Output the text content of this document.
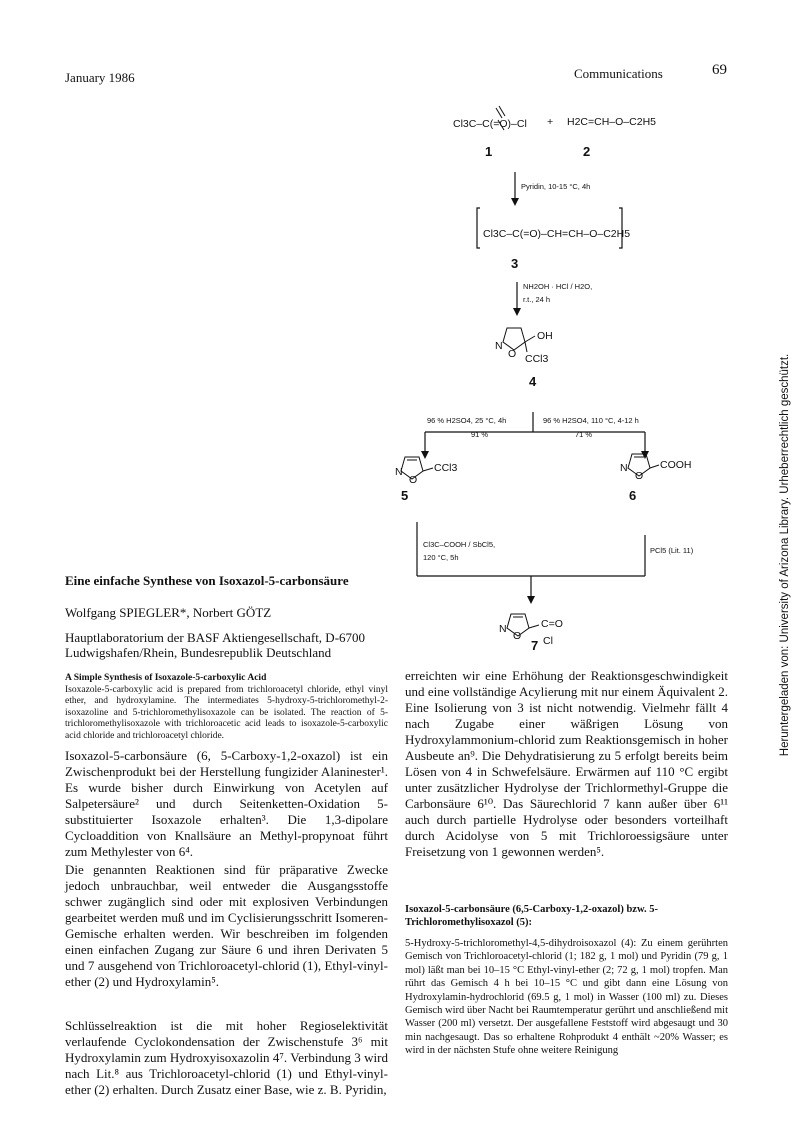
January 1986	Communications	69
Heruntergeladen von: University of Arizona Library. Urheberrechtlich geschützt.
Cl3C–C(=O)–Cl + H2C=CH–O–C2H5
1	2
Pyridin, 10-15 °C, 4h
Cl3C–C(=O)–CH=CH–O–C2H5
3
NH2OH · HCl / H2O,
r.t., 24 h
N
O
OH
CCl3
4
96 % H2SO4, 25 °C, 4h
91 %
96 % H2SO4, 110 °C, 4-12 h
71 %
N
O
CCl3
5
N
O
COOH
6
Cl3C–COOH / SbCl5,
120 °C, 5h
PCl5 (Lit. 11)
N
O
C=O
Cl
7
Eine einfache Synthese von Isoxazol-5-carbonsäure
Wolfgang SPIEGLER*, Norbert GÖTZ
Hauptlaboratorium der BASF Aktiengesellschaft, D-6700
Ludwigshafen/Rhein, Bundesrepublik Deutschland
A Simple Synthesis of Isoxazole-5-carboxylic Acid
Isoxazole-5-carboxylic acid is prepared from trichloroacetyl chloride, ethyl vinyl ether, and hydroxylamine. The intermediates 5-hydroxy-5-trichloromethyl-2-isoxazoline and 5-trichloromethylisoxazole can be isolated. The reaction of 5-trichloromethylisoxazole with trichloroacetic acid leads to isoxazole-5-carboxylic acid chloride and trichloroacetyl chloride.
Isoxazol-5-carbonsäure (6, 5-Carboxy-1,2-oxazol) ist ein Zwischenprodukt bei der Herstellung fungizider Alaninester¹. Es wurde bisher durch Einwirkung von Acetylen auf Salpetersäure² und durch Seitenketten-Oxidation 5-substituierter Isoxazole erhalten³. Die 1,3-dipolare Cycloaddition von Knallsäure an Methyl-propynoat führt zum Methylester von 6⁴.
Die genannten Reaktionen sind für präparative Zwecke jedoch unbrauchbar, weil entweder die Ausgangsstoffe schwer zugänglich sind oder mit explosiven Verbindungen gearbeitet werden muß und im Cyclisierungsschritt Isomeren-Gemische erhalten werden. Wir beschreiben im folgenden einen einfachen Zugang zur Säure 6 und ihren Derivaten 5 und 7 ausgehend von Trichloroacetyl-chlorid (1), Ethyl-vinyl-ether (2) und Hydroxylamin⁵.
Schlüsselreaktion ist die mit hoher Regioselektivität verlaufende Cyclokondensation der Zwischenstufe 3⁶ mit Hydroxylamin zum Hydroxyisoxazolin 4⁷. Verbindung 3 wird nach Lit.⁸ aus Trichloroacetyl-chlorid (1) und Ethyl-vinyl-ether (2) erhalten. Durch Zusatz einer Base, wie z. B. Pyridin,
erreichten wir eine Erhöhung der Reaktionsgeschwindigkeit und eine vollständige Acylierung mit nur einem Äquivalent 2. Eine Isolierung von 3 ist nicht notwendig. Vielmehr fällt 4 nach Zugabe einer wäßrigen Lösung von Hydroxylammonium-chlorid zum Reaktionsgemisch in hoher Ausbeute an⁹. Die Dehydratisierung zu 5 erfolgt bereits beim Lösen von 4 in Schwefelsäure. Erwärmen auf 110 °C ergibt unter zusätzlicher Hydrolyse der Trichlormethyl-Gruppe die Carbonsäure 6¹⁰. Das Säurechlorid 7 kann außer über 6¹¹ auch durch partielle Hydrolyse oder besonders vorteilhaft durch Acidolyse von 5 mit Trichloroessigsäure unter Freisetzung von 1 gewonnen werden⁵.
Isoxazol-5-carbonsäure (6,5-Carboxy-1,2-oxazol) bzw. 5-Trichloromethylisoxazol (5):
5-Hydroxy-5-trichloromethyl-4,5-dihydroisoxazol (4): Zu einem gerührten Gemisch von Trichloroacetyl-chlorid (1; 182 g, 1 mol) und Pyridin (79 g, 1 mol) läßt man bei 10–15 °C Ethyl-vinyl-ether (2; 72 g, 1 mol) tropfen. Man rührt das Gemisch 4 h bei 10–15 °C und gibt dann eine Lösung von Hydroxylamin-hydrochlorid (69.5 g, 1 mol) in Wasser (100 ml) zu. Dieses Gemisch wird über Nacht bei Raumtemperatur gerührt und anschließend mit Wasser (200 ml) versetzt. Der ausgefallene Feststoff wird abgesaugt und 30 min nachgesaugt. Das so erhaltene Rohprodukt 4 enthält ~20% Wasser; es wird in der nächsten Stufe ohne weitere Reinigung
